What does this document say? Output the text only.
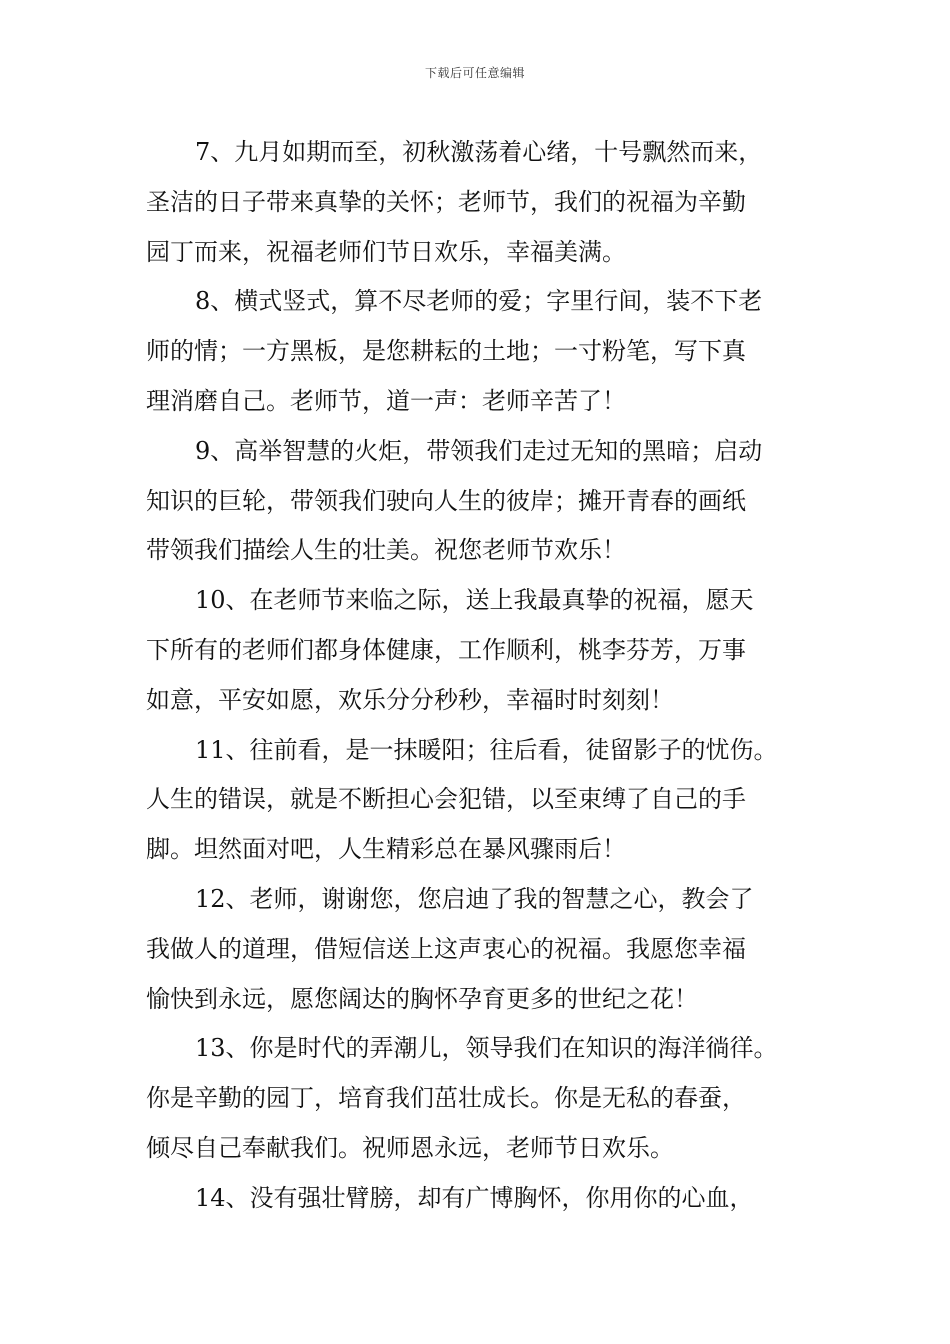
下载后可任意编辑

7、九月如期而至，初秋激荡着心绪，十号飘然而来，
圣洁的日子带来真挚的关怀；老师节，我们的祝福为辛勤
园丁而来，祝福老师们节日欢乐，幸福美满。

8、横式竖式，算不尽老师的爱；字里行间，装不下老
师的情；一方黑板，是您耕耘的土地；一寸粉笔，写下真
理消磨自己。老师节，道一声：老师辛苦了！

9、高举智慧的火炬，带领我们走过无知的黑暗；启动
知识的巨轮，带领我们驶向人生的彼岸；摊开青春的画纸
带领我们描绘人生的壮美。祝您老师节欢乐！

10、在老师节来临之际，送上我最真挚的祝福，愿天
下所有的老师们都身体健康，工作顺利，桃李芬芳，万事
如意，平安如愿，欢乐分分秒秒，幸福时时刻刻！

11、往前看，是一抹暖阳；往后看，徒留影子的忧伤。
人生的错误，就是不断担心会犯错，以至束缚了自己的手
脚。坦然面对吧，人生精彩总在暴风骤雨后！

12、老师，谢谢您，您启迪了我的智慧之心，教会了
我做人的道理，借短信送上这声衷心的祝福。我愿您幸福
愉快到永远，愿您阔达的胸怀孕育更多的世纪之花！

13、你是时代的弄潮儿，领导我们在知识的海洋徜徉。
你是辛勤的园丁，培育我们茁壮成长。你是无私的春蚕，
倾尽自己奉献我们。祝师恩永远，老师节日欢乐。

14、没有强壮臂膀，却有广博胸怀，你用你的心血，
